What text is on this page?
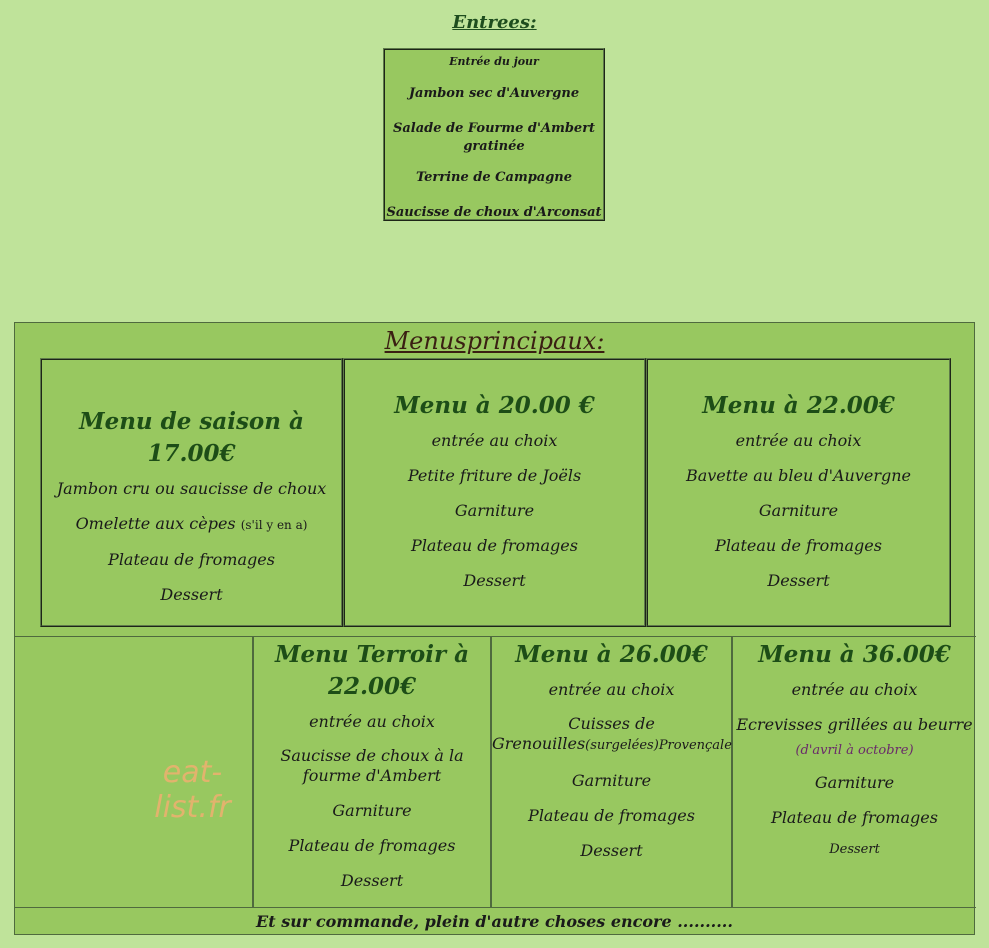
Entrees:
Entrée du jour
Jambon sec d'Auvergne
Salade de Fourme d'Ambert gratinée
Terrine de Campagne
Saucisse de choux d'Arconsat
Menusprincipaux:
Menu de saison à 17.00€
Jambon cru ou saucisse de choux
Omelette aux cèpes (s'il y en a)
Plateau de fromages
Dessert
Menu à 20.00 €
entrée au choix
Petite friture de Joëls
Garniture
Plateau de fromages
Dessert
Menu à 22.00€
entrée au choix
Bavette au bleu d'Auvergne
Garniture
Plateau de fromages
Dessert
eat-list.fr
Menu Terroir à 22.00€
entrée au choix
Saucisse de choux à la fourme d'Ambert
Garniture
Plateau de fromages
Dessert
Menu à 26.00€
entrée au choix
Cuisses de
Grenouilles(surgelées)Provençale
Garniture
Plateau de fromages
Dessert
Menu à 36.00€
entrée au choix
Ecrevisses grillées au beurre
(d'avril à octobre)
Garniture
Plateau de fromages
Dessert
Et sur commande, plein d'autre choses encore ..........
